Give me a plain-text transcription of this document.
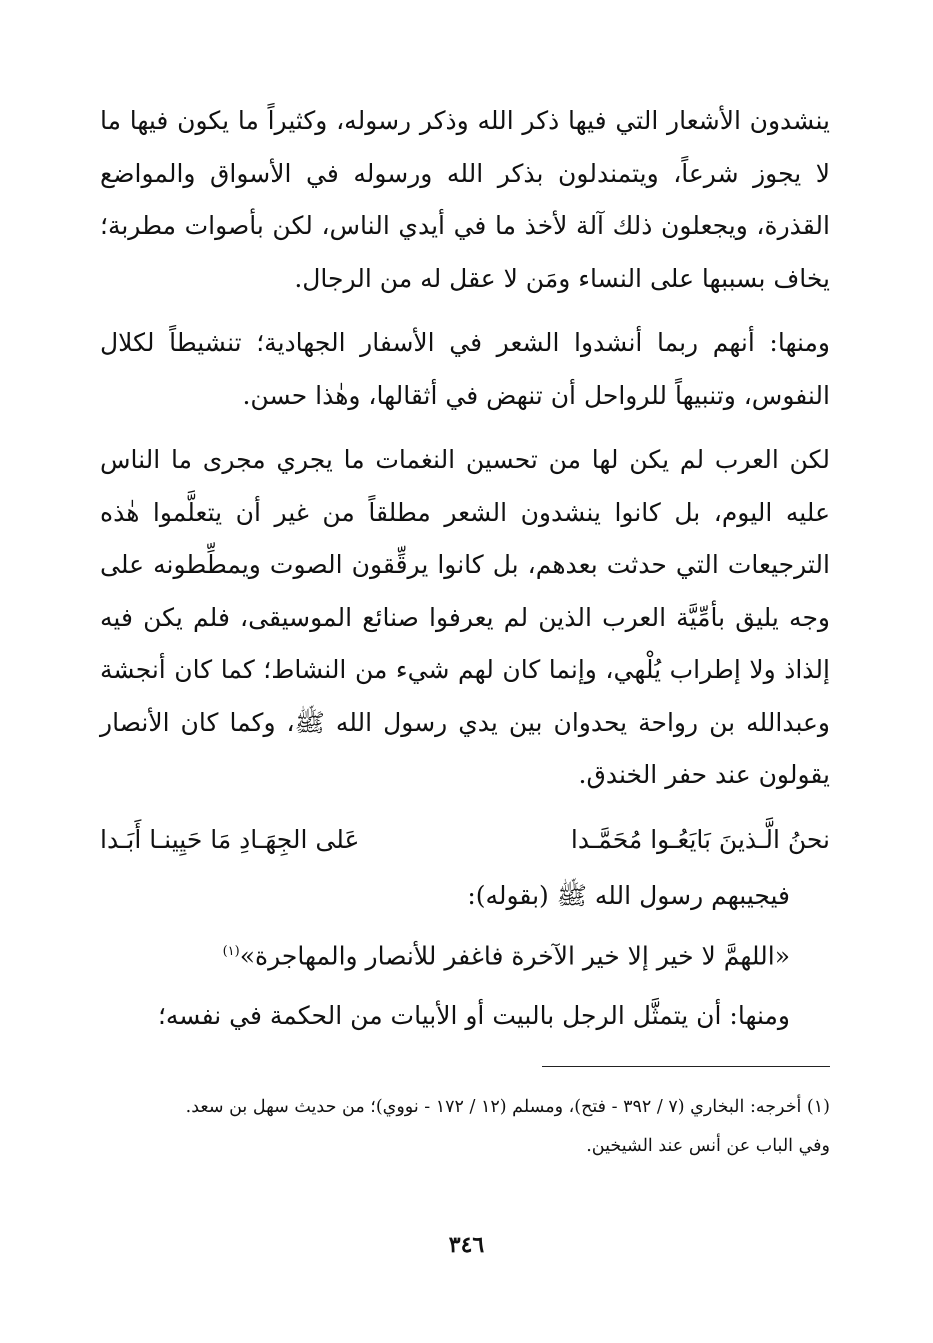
ينشدون الأشعار التي فيها ذكر الله وذكر رسوله، وكثيراً ما يكون فيها ما لا يجوز شرعاً، ويتمندلون بذكر الله ورسوله في الأسواق والمواضع القذرة، ويجعلون ذلك آلة لأخذ ما في أيدي الناس، لكن بأصوات مطربة؛ يخاف بسببها على النساء ومَن لا عقل له من الرجال.

ومنها: أنهم ربما أنشدوا الشعر في الأسفار الجهادية؛ تنشيطاً لكلال النفوس، وتنبيهاً للرواحل أن تنهض في أثقالها، وهٰذا حسن.

لكن العرب لم يكن لها من تحسين النغمات ما يجري مجرى ما الناس عليه اليوم، بل كانوا ينشدون الشعر مطلقاً من غير أن يتعلَّموا هٰذه الترجيعات التي حدثت بعدهم، بل كانوا يرقِّقون الصوت ويمطِّطونه على وجه يليق بأمِّيَّة العرب الذين لم يعرفوا صنائع الموسيقى، فلم يكن فيه إلذاذ ولا إطراب يُلْهي، وإنما كان لهم شيء من النشاط؛ كما كان أنجشة وعبدالله بن رواحة يحدوان بين يدي رسول الله ﷺ، وكما كان الأنصار يقولون عند حفر الخندق.

نحنُ الَّـذينَ بَايَعُـوا مُحَمَّـدا
عَلى الجِهَـادِ مَا حَيِينـا أَبَـدا
فيجيبهم رسول الله ﷺ (بقوله):
«اللهمَّ لا خير إلا خير الآخرة فاغفر للأنصار والمهاجرة»$^{(١)}$
ومنها: أن يتمثَّل الرجل بالبيت أو الأبيات من الحكمة في نفسه؛

(١) أخرجه: البخاري (٧ / ٣٩٢ - فتح)، ومسلم (١٢ / ١٧٢ - نووي)؛ من حديث سهل بن سعد.

وفي الباب عن أنس عند الشيخين.

٣٤٦
